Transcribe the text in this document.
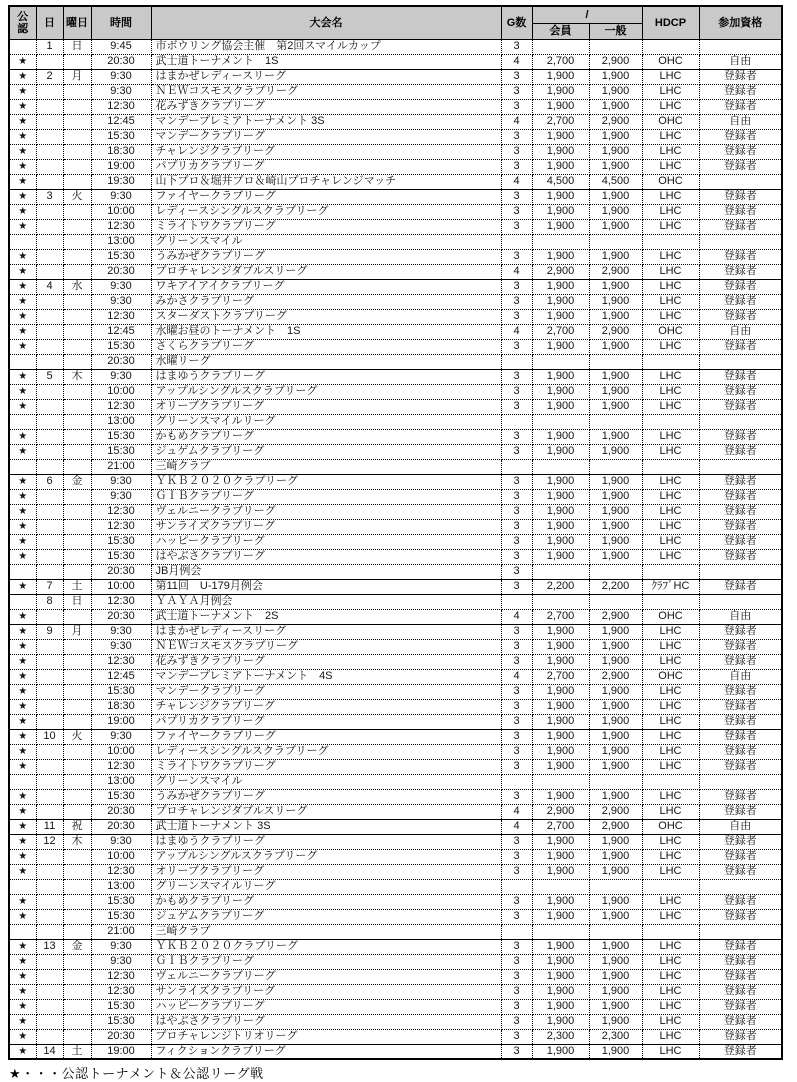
公認	日	曜日	時間	大会名	G数	/		HDCP	参加資格
						会員	一般		
	1	日	9:45	市ボウリング協会主催　第2回スマイルカップ	3				
★			20:30	武士道トーナメント　1S	4	2,700	2,900	OHC	自由
★	2	月	9:30	はまかぜレディースリーグ	3	1,900	1,900	LHC	登録者
★			9:30	ＮＥＷコスモスクラブリーグ	3	1,900	1,900	LHC	登録者
★			12:30	花みずきクラブリーグ	3	1,900	1,900	LHC	登録者
★			12:45	マンデープレミアトーナメント 3S	4	2,700	2,900	OHC	自由
★			15:30	マンデークラブリーグ	3	1,900	1,900	LHC	登録者
★			18:30	チャレンジクラブリーグ	3	1,900	1,900	LHC	登録者
★			19:00	パプリカクラブリーグ	3	1,900	1,900	LHC	登録者
★			19:30	山下プロ＆堀井プロ＆崎山プロチャレンジマッチ	4	4,500	4,500	OHC	
★	3	火	9:30	ファイヤークラブリーグ	3	1,900	1,900	LHC	登録者
★			10:00	レディースシングルスクラブリーグ	3	1,900	1,900	LHC	登録者
★			12:30	ミライトワクラブリーグ	3	1,900	1,900	LHC	登録者
			13:00	グリーンスマイル					
★			15:30	うみかぜクラブリーグ	3	1,900	1,900	LHC	登録者
★			20:30	プロチャレンジダブルスリーグ	4	2,900	2,900	LHC	登録者
★	4	水	9:30	ワキアイアイクラブリーグ	3	1,900	1,900	LHC	登録者
★			9:30	みかさクラブリーグ	3	1,900	1,900	LHC	登録者
★			12:30	スターダストクラブリーグ	3	1,900	1,900	LHC	登録者
★			12:45	水曜お昼のトーナメント　1S	4	2,700	2,900	OHC	自由
★			15:30	さくらクラブリーグ	3	1,900	1,900	LHC	登録者
			20:30	水曜リーグ					
★	5	木	9:30	はまゆうクラブリーグ	3	1,900	1,900	LHC	登録者
★			10:00	アップルシングルスクラブリーグ	3	1,900	1,900	LHC	登録者
★			12:30	オリーブクラブリーグ	3	1,900	1,900	LHC	登録者
			13:00	グリーンスマイルリーグ					
★			15:30	かもめクラブリーグ	3	1,900	1,900	LHC	登録者
★			15:30	ジュゲムクラブリーグ	3	1,900	1,900	LHC	登録者
			21:00	三崎クラブ					
★	6	金	9:30	ＹＫＢ２０２０クラブリーグ	3	1,900	1,900	LHC	登録者
★			9:30	ＧＩＢクラブリーグ	3	1,900	1,900	LHC	登録者
★			12:30	ヴェルニークラブリーグ	3	1,900	1,900	LHC	登録者
★			12:30	サンライズクラブリーグ	3	1,900	1,900	LHC	登録者
★			15:30	ハッピークラブリーグ	3	1,900	1,900	LHC	登録者
★			15:30	はやぶさクラブリーグ	3	1,900	1,900	LHC	登録者
			20:30	JB月例会	3				
★	7	土	10:00	第11回　U-179月例会	3	2,200	2,200	ｸﾗﾌﾞHC	登録者
	8	日	12:30	ＹＡＹＡ月例会					
★			20:30	武士道トーナメント　2S	4	2,700	2,900	OHC	自由
★	9	月	9:30	はまかぜレディースリーグ	3	1,900	1,900	LHC	登録者
★			9:30	ＮＥＷコスモスクラブリーグ	3	1,900	1,900	LHC	登録者
★			12:30	花みずきクラブリーグ	3	1,900	1,900	LHC	登録者
★			12:45	マンデープレミアトーナメント　4S	4	2,700	2,900	OHC	自由
★			15:30	マンデークラブリーグ	3	1,900	1,900	LHC	登録者
★			18:30	チャレンジクラブリーグ	3	1,900	1,900	LHC	登録者
★			19:00	パプリカクラブリーグ	3	1,900	1,900	LHC	登録者
★	10	火	9:30	ファイヤークラブリーグ	3	1,900	1,900	LHC	登録者
★			10:00	レディースシングルスクラブリーグ	3	1,900	1,900	LHC	登録者
★			12:30	ミライトワクラブリーグ	3	1,900	1,900	LHC	登録者
			13:00	グリーンスマイル					
★			15:30	うみかぜクラブリーグ	3	1,900	1,900	LHC	登録者
★			20:30	プロチャレンジダブルスリーグ	4	2,900	2,900	LHC	登録者
★	11	祝	20:30	武士道トーナメント 3S	4	2,700	2,900	OHC	自由
★	12	木	9:30	はまゆうクラブリーグ	3	1,900	1,900	LHC	登録者
★			10:00	アップルシングルスクラブリーグ	3	1,900	1,900	LHC	登録者
★			12:30	オリーブクラブリーグ	3	1,900	1,900	LHC	登録者
			13:00	グリーンスマイルリーグ					
★			15:30	かもめクラブリーグ	3	1,900	1,900	LHC	登録者
★			15:30	ジュゲムクラブリーグ	3	1,900	1,900	LHC	登録者
			21:00	三崎クラブ					
★	13	金	9:30	ＹＫＢ２０２０クラブリーグ	3	1,900	1,900	LHC	登録者
★			9:30	ＧＩＢクラブリーグ	3	1,900	1,900	LHC	登録者
★			12:30	ヴェルニークラブリーグ	3	1,900	1,900	LHC	登録者
★			12:30	サンライズクラブリーグ	3	1,900	1,900	LHC	登録者
★			15:30	ハッピークラブリーグ	3	1,900	1,900	LHC	登録者
★			15:30	はやぶさクラブリーグ	3	1,900	1,900	LHC	登録者
★			20:30	プロチャレンジトリオリーグ	3	2,300	2,300	LHC	登録者
★	14	土	19:00	フィクションクラブリーグ	3	1,900	1,900	LHC	登録者
★・・・公認トーナメント＆公認リーグ戦
